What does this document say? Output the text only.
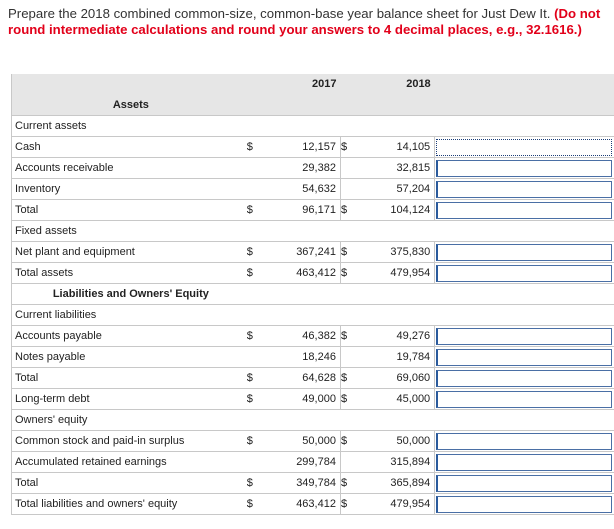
Prepare the 2018 combined common-size, common-base year balance sheet for Just Dew It. (Do not round intermediate calculations and round your answers to 4 decimal places, e.g., 32.1616.)
		2017		2018	
Assets					
Current assets					
Cash	$	12,157	$	14,105	

Accounts receivable		29,382		32,815	

Inventory		54,632		57,204	

Total	$	96,171	$	104,124	

Fixed assets					
Net plant and equipment	$	367,241	$	375,830	

Total assets	$	463,412	$	479,954	

Liabilities and Owners' Equity					
Current liabilities					
Accounts payable	$	46,382	$	49,276	

Notes payable		18,246		19,784	

Total	$	64,628	$	69,060	

Long-term debt	$	49,000	$	45,000	

Owners' equity					
Common stock and paid-in surplus	$	50,000	$	50,000	

Accumulated retained earnings		299,784		315,894	

Total	$	349,784	$	365,894	

Total liabilities and owners' equity	$	463,412	$	479,954	
